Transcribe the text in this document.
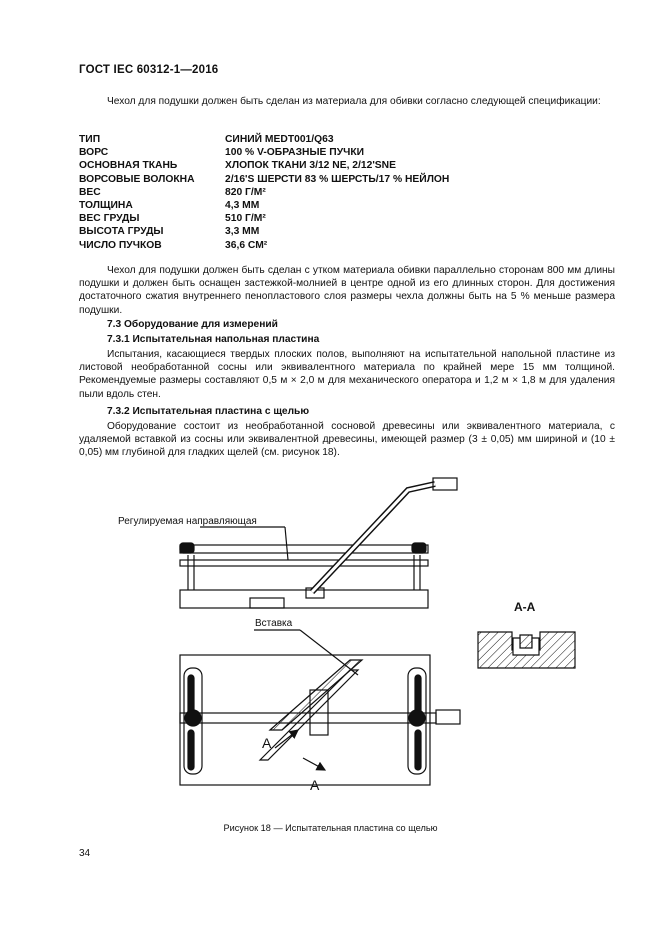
ГОСТ IEC 60312-1—2016

Чехол для подушки должен быть сделан из материала для обивки согласно следующей спецификации:

ТИП	СИНИЙ MEDT001/Q63
ВОРС	100 % V-ОБРАЗНЫЕ ПУЧКИ
ОСНОВНАЯ ТКАНЬ	ХЛОПОК ТКАНИ 3/12 NE, 2/12'SNE
ВОРСОВЫЕ ВОЛОКНА	2/16'S ШЕРСТИ 83 % ШЕРСТЬ/17 % НЕЙЛОН
ВЕС	820 Г/М²
ТОЛЩИНА	4,3 ММ
ВЕС ГРУДЫ	510 Г/М²
ВЫСОТА ГРУДЫ	3,3 ММ
ЧИСЛО ПУЧКОВ	36,6 СМ²

Чехол для подушки должен быть сделан с утком материала обивки параллельно сторонам 800 мм длины подушки и должен быть оснащен застежкой-молнией в центре одной из его длинных сторон. Для достижения достаточного сжатия внутреннего пенопластового слоя размеры чехла должны быть на 5 % меньше размера подушки.

7.3 Оборудование для измерений
7.3.1 Испытательная напольная пластина

Испытания, касающиеся твердых плоских полов, выполняют на испытательной напольной пластине из листовой необработанной сосны или эквивалентного материала по крайней мере 15 мм толщиной. Рекомендуемые размеры составляют 0,5 м × 2,0 м для механического оператора и 1,2 м × 1,8 м для удаления пыли вдоль стен.

7.3.2 Испытательная пластина с щелью

Оборудование состоит из необработанной сосновой древесины или эквивалентного материала, с удаляемой вставкой из сосны или эквивалентной древесины, имеющей размер (3 ± 0,05) мм шириной и (10 ± 0,05) мм глубиной для гладких щелей (см. рисунок 18).

Регулируемая направляющая
Вставка
А
А
А-А
Рисунок 18 — Испытательная пластина со щелью
34
